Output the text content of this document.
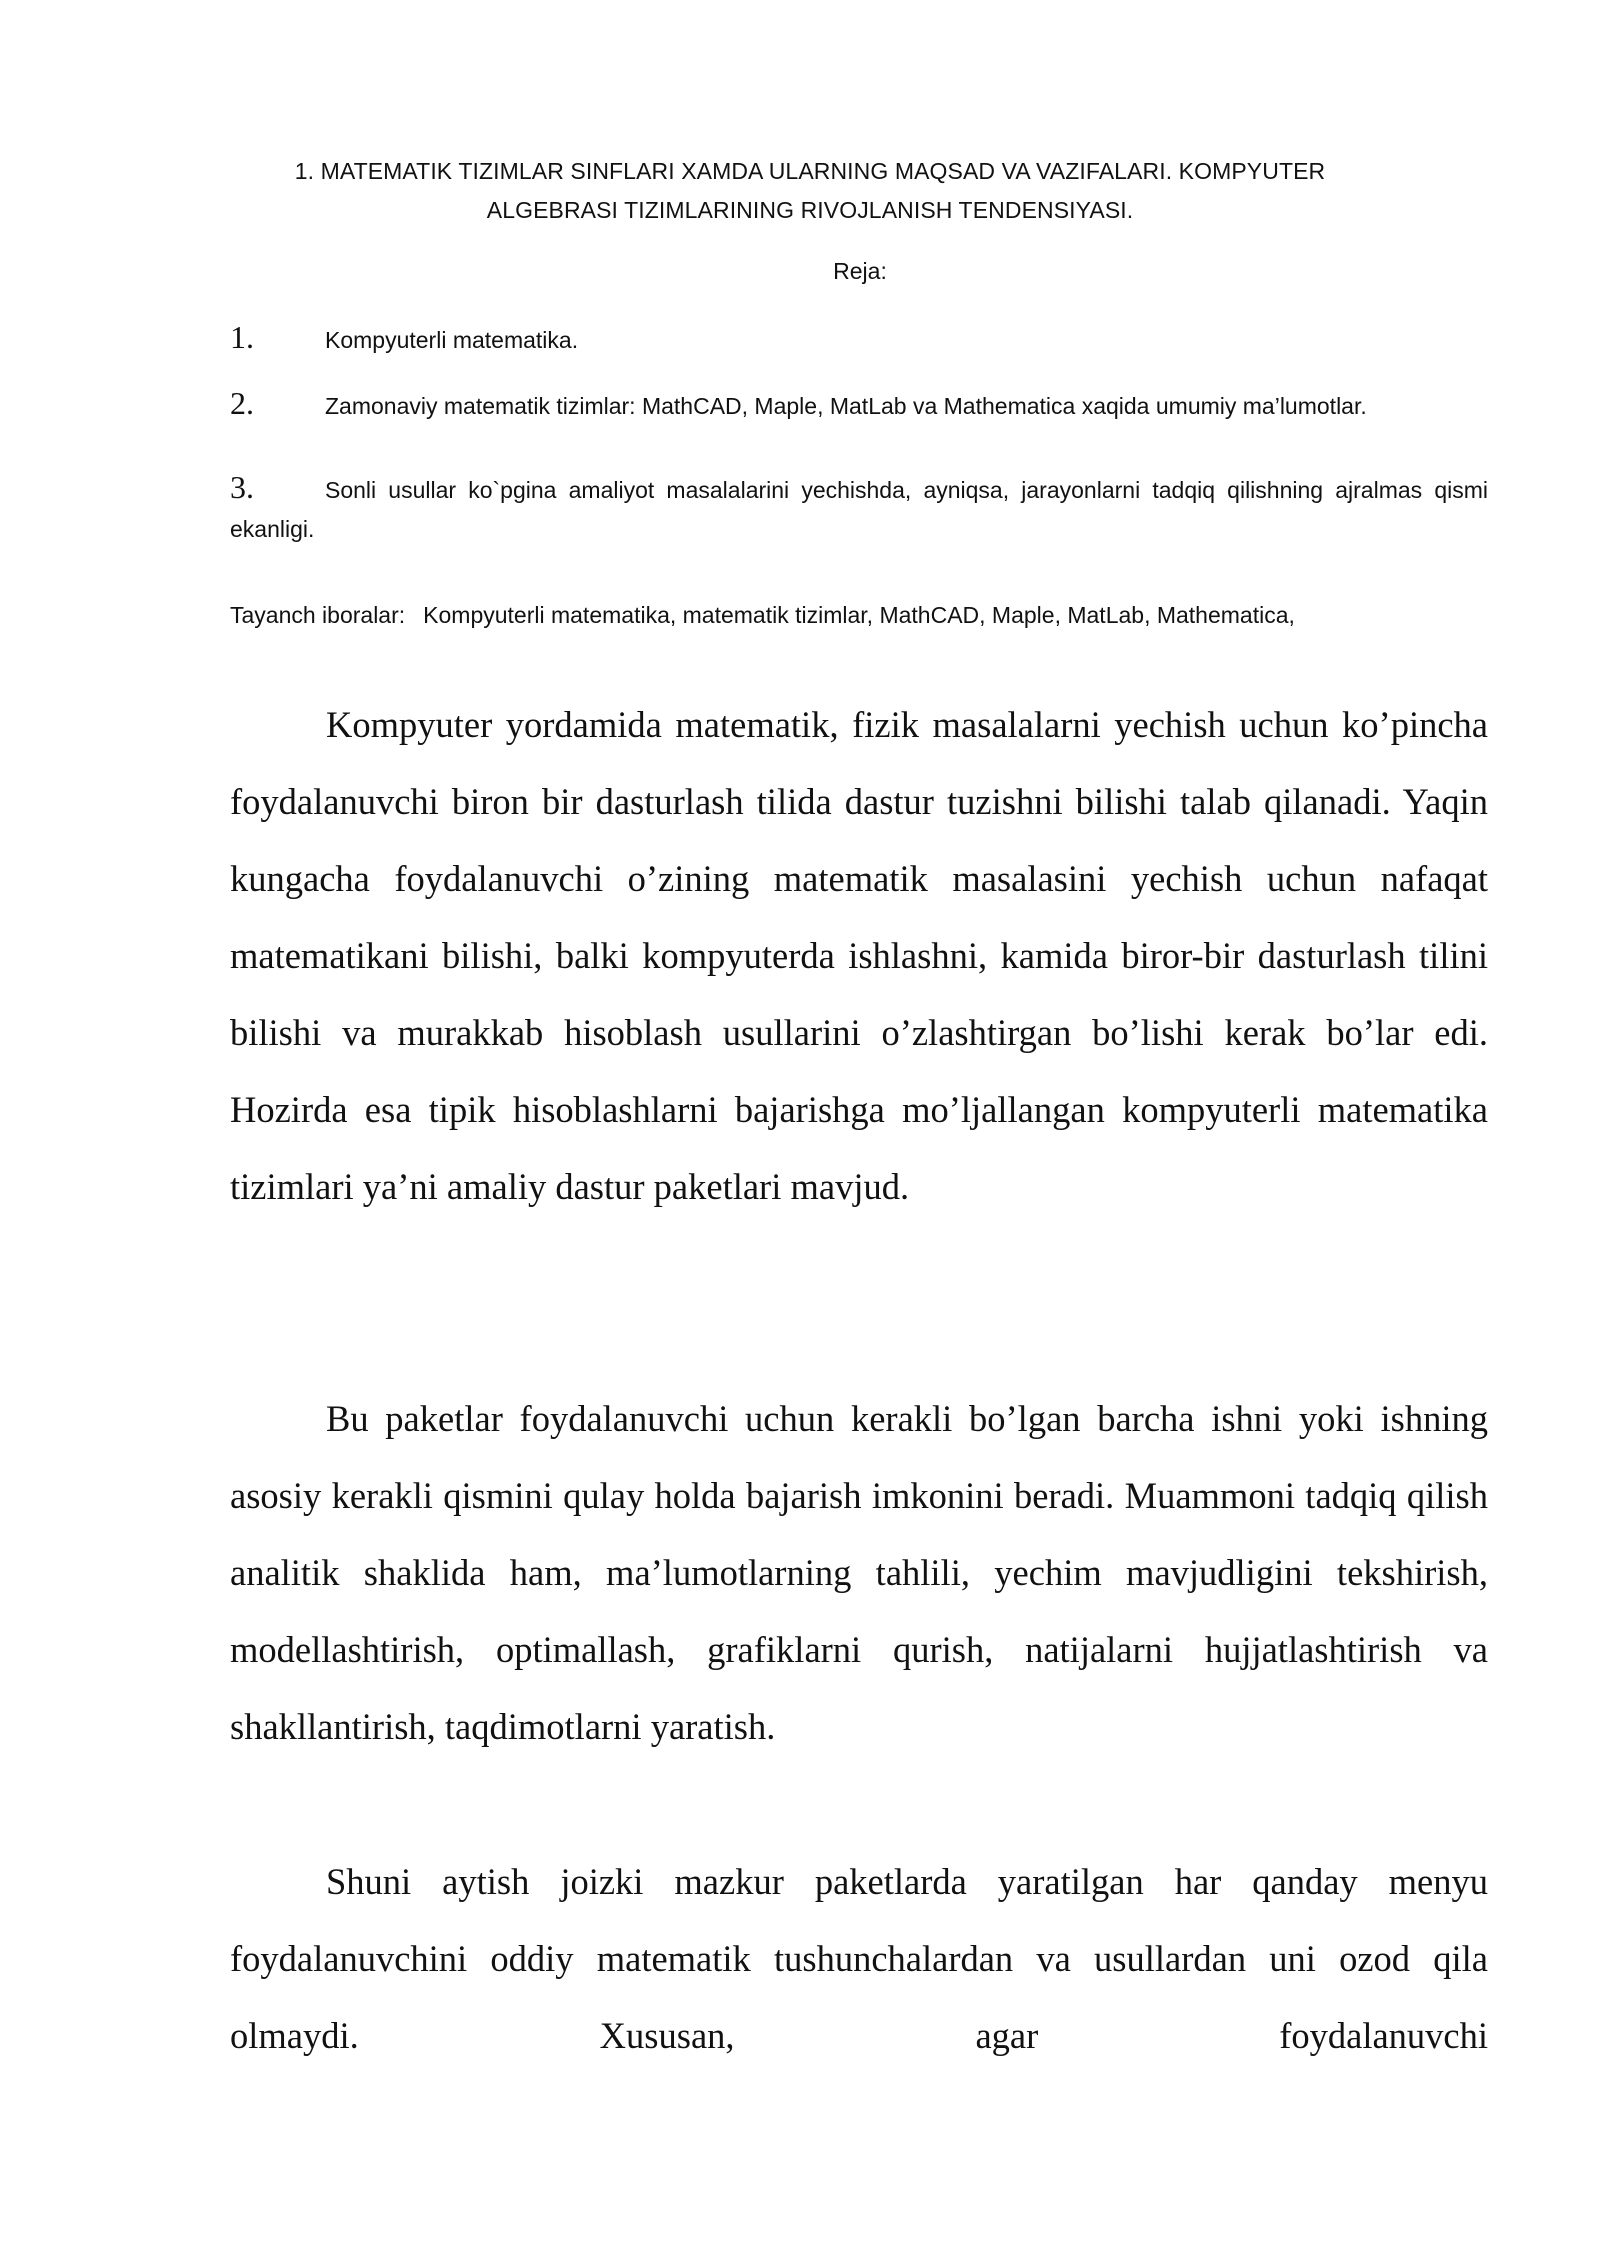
1. MATEMATIK TIZIMLAR SINFLARI XAMDA ULARNING MAQSAD VA VAZIFALARI. KOMPYUTER ALGEBRASI TIZIMLARINING RIVOJLANISH TENDENSIYASI.
Reja:
1.	Kompyuterli matematika.
2.	Zamonaviy matematik tizimlar: MathCAD, Maple, MatLab va Mathematica xaqida umumiy ma’lumotlar.
3.	Sonli usullar ko`pgina amaliyot masalalarini yechishda, ayniqsa, jarayonlarni tadqiq qilishning ajralmas qismi ekanligi.
Tayanch iboralar: Kompyuterli matematika, matematik tizimlar, MathCAD, Maple, MatLab, Mathematica,

Kompyuter yordamida matematik, fizik masalalarni yechish uchun ko’pincha foydalanuvchi biron bir dasturlash tilida dastur tuzishni bilishi talab qilanadi. Yaqin kungacha foydalanuvchi o’zining matematik masalasini yechish uchun nafaqat matematikani bilishi, balki kompyuterda ishlashni, kamida biror-bir dasturlash tilini bilishi va murakkab hisoblash usullarini o’zlashtirgan bo’lishi kerak bo’lar edi. Hozirda esa tipik hisoblashlarni bajarishga mo’ljallangan kompyuterli matematika tizimlari ya’ni amaliy dastur paketlari mavjud.

Bu paketlar foydalanuvchi uchun kerakli bo’lgan barcha ishni yoki ishning asosiy kerakli qismini qulay holda bajarish imkonini beradi. Muammoni tadqiq qilish analitik shaklida ham, ma’lumotlarning tahlili, yechim mavjudligini tekshirish, modellashtirish, optimallash, grafiklarni qurish, natijalarni hujjatlashtirish va shakllantirish, taqdimotlarni yaratish.

Shuni aytish joizki mazkur paketlarda yaratilgan har qanday menyu foydalanuvchini oddiy matematik tushunchalardan va usullardan uni ozod qila olmaydi. Xususan, agar foydalanuvchi
